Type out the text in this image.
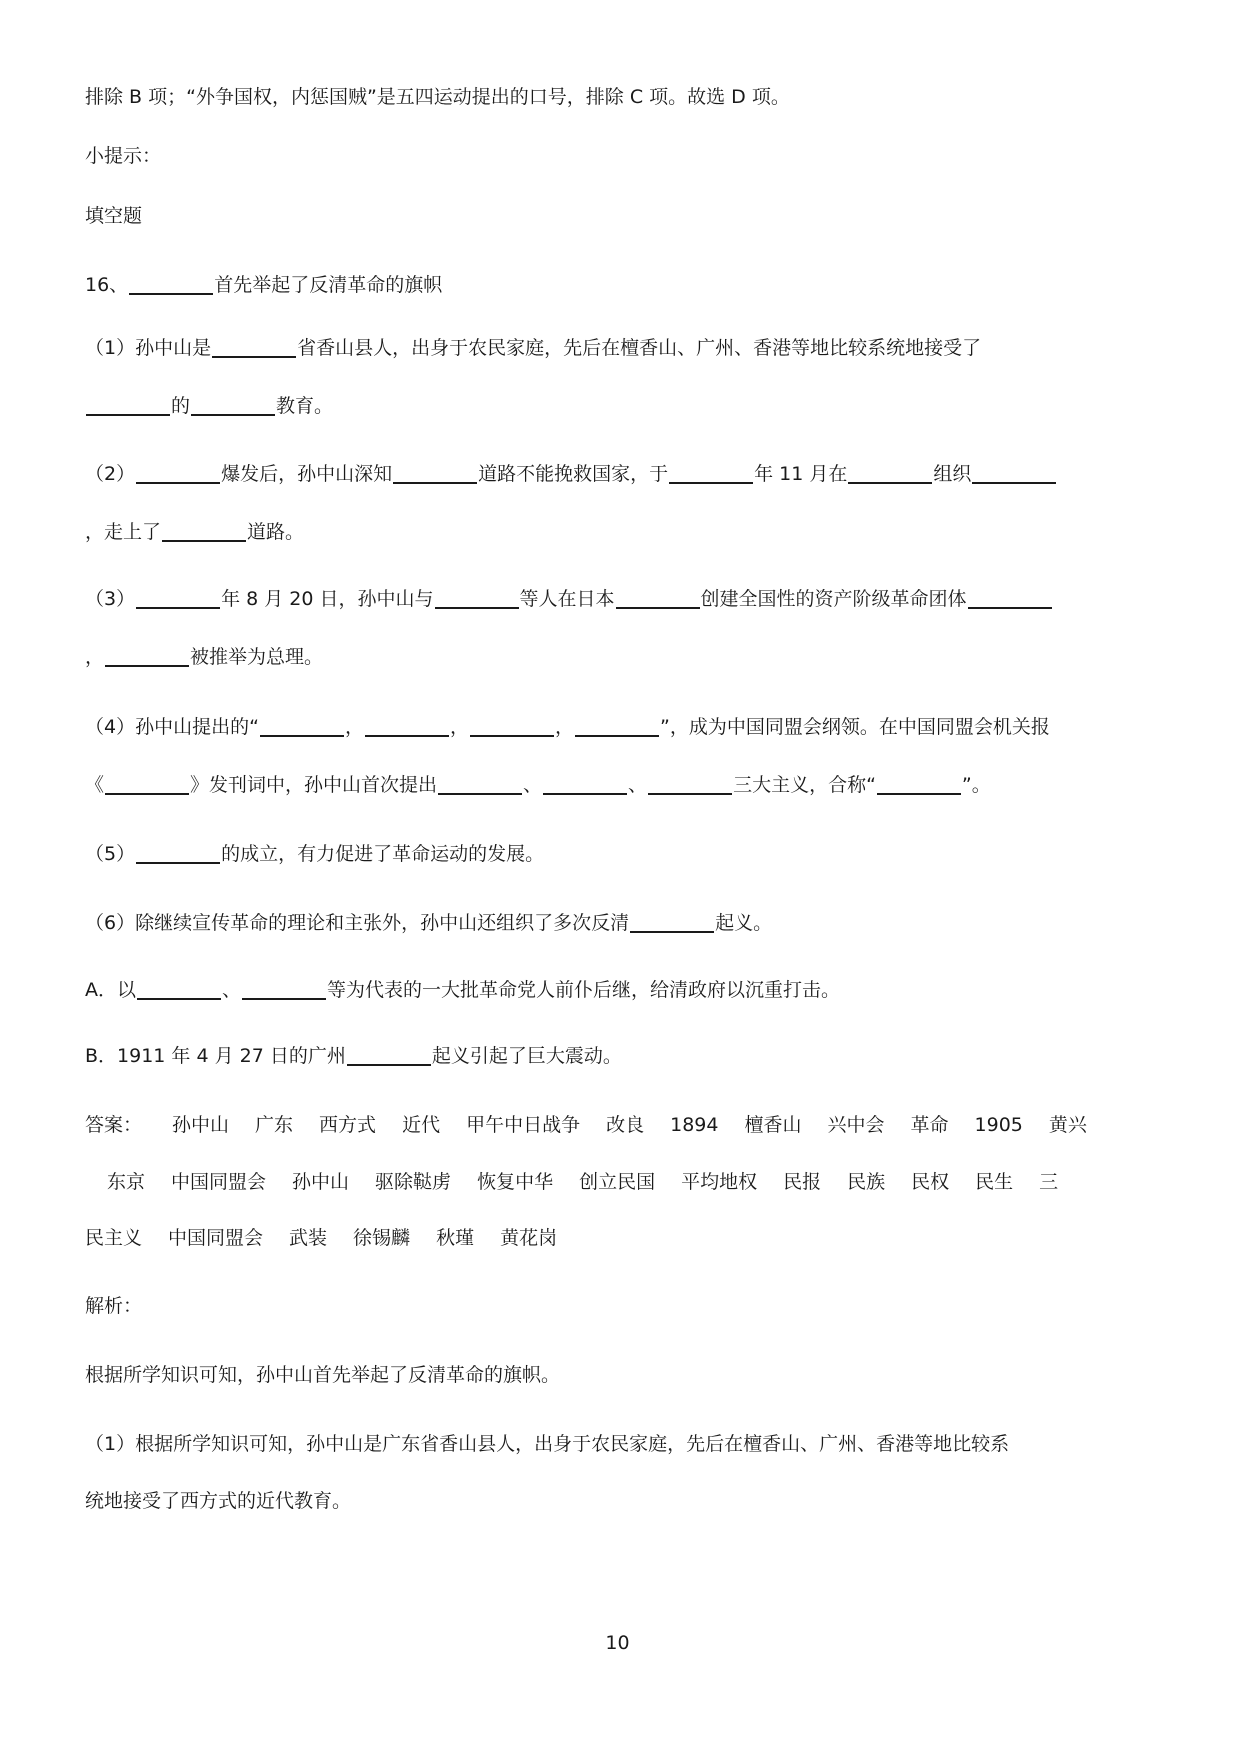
排除 B 项；“外争国权，内惩国贼”是五四运动提出的口号，排除 C 项。故选 D 项。
小提示：
填空题
16、	首先举起了反清革命的旗帜
（1）孙中山是	省香山县人，出身于农民家庭，先后在檀香山、广州、香港等地比较系统地接受了
的	教育。
（2）	爆发后，孙中山深知	道路不能挽救国家，于	年 11 月在	组织
，走上了	道路。
（3）	年 8 月 20 日，孙中山与	等人在日本	创建全国性的资产阶级革命团体
，	被推举为总理。
（4）孙中山提出的“	，	，	，	”，成为中国同盟会纲领。在中国同盟会机关报
《	》发刊词中，孙中山首次提出	、	、	三大主义，合称“	”。
（5）	的成立，有力促进了革命运动的发展。
（6）除继续宣传革命的理论和主张外，孙中山还组织了多次反清	起义。
A．以	、	等为代表的一大批革命党人前仆后继，给清政府以沉重打击。
B．1911 年 4 月 27 日的广州	起义引起了巨大震动。
答案： 孙中山 广东 西方式 近代 甲午中日战争 改良 1894 檀香山 兴中会 革命 1905 黄兴
东京 中国同盟会 孙中山 驱除鞑虏 恢复中华 创立民国 平均地权 民报 民族 民权 民生 三
民主义 中国同盟会 武装 徐锡麟 秋瑾 黄花岗
解析：
根据所学知识可知，孙中山首先举起了反清革命的旗帜。
（1）根据所学知识可知，孙中山是广东省香山县人，出身于农民家庭，先后在檀香山、广州、香港等地比较系
统地接受了西方式的近代教育。
10
